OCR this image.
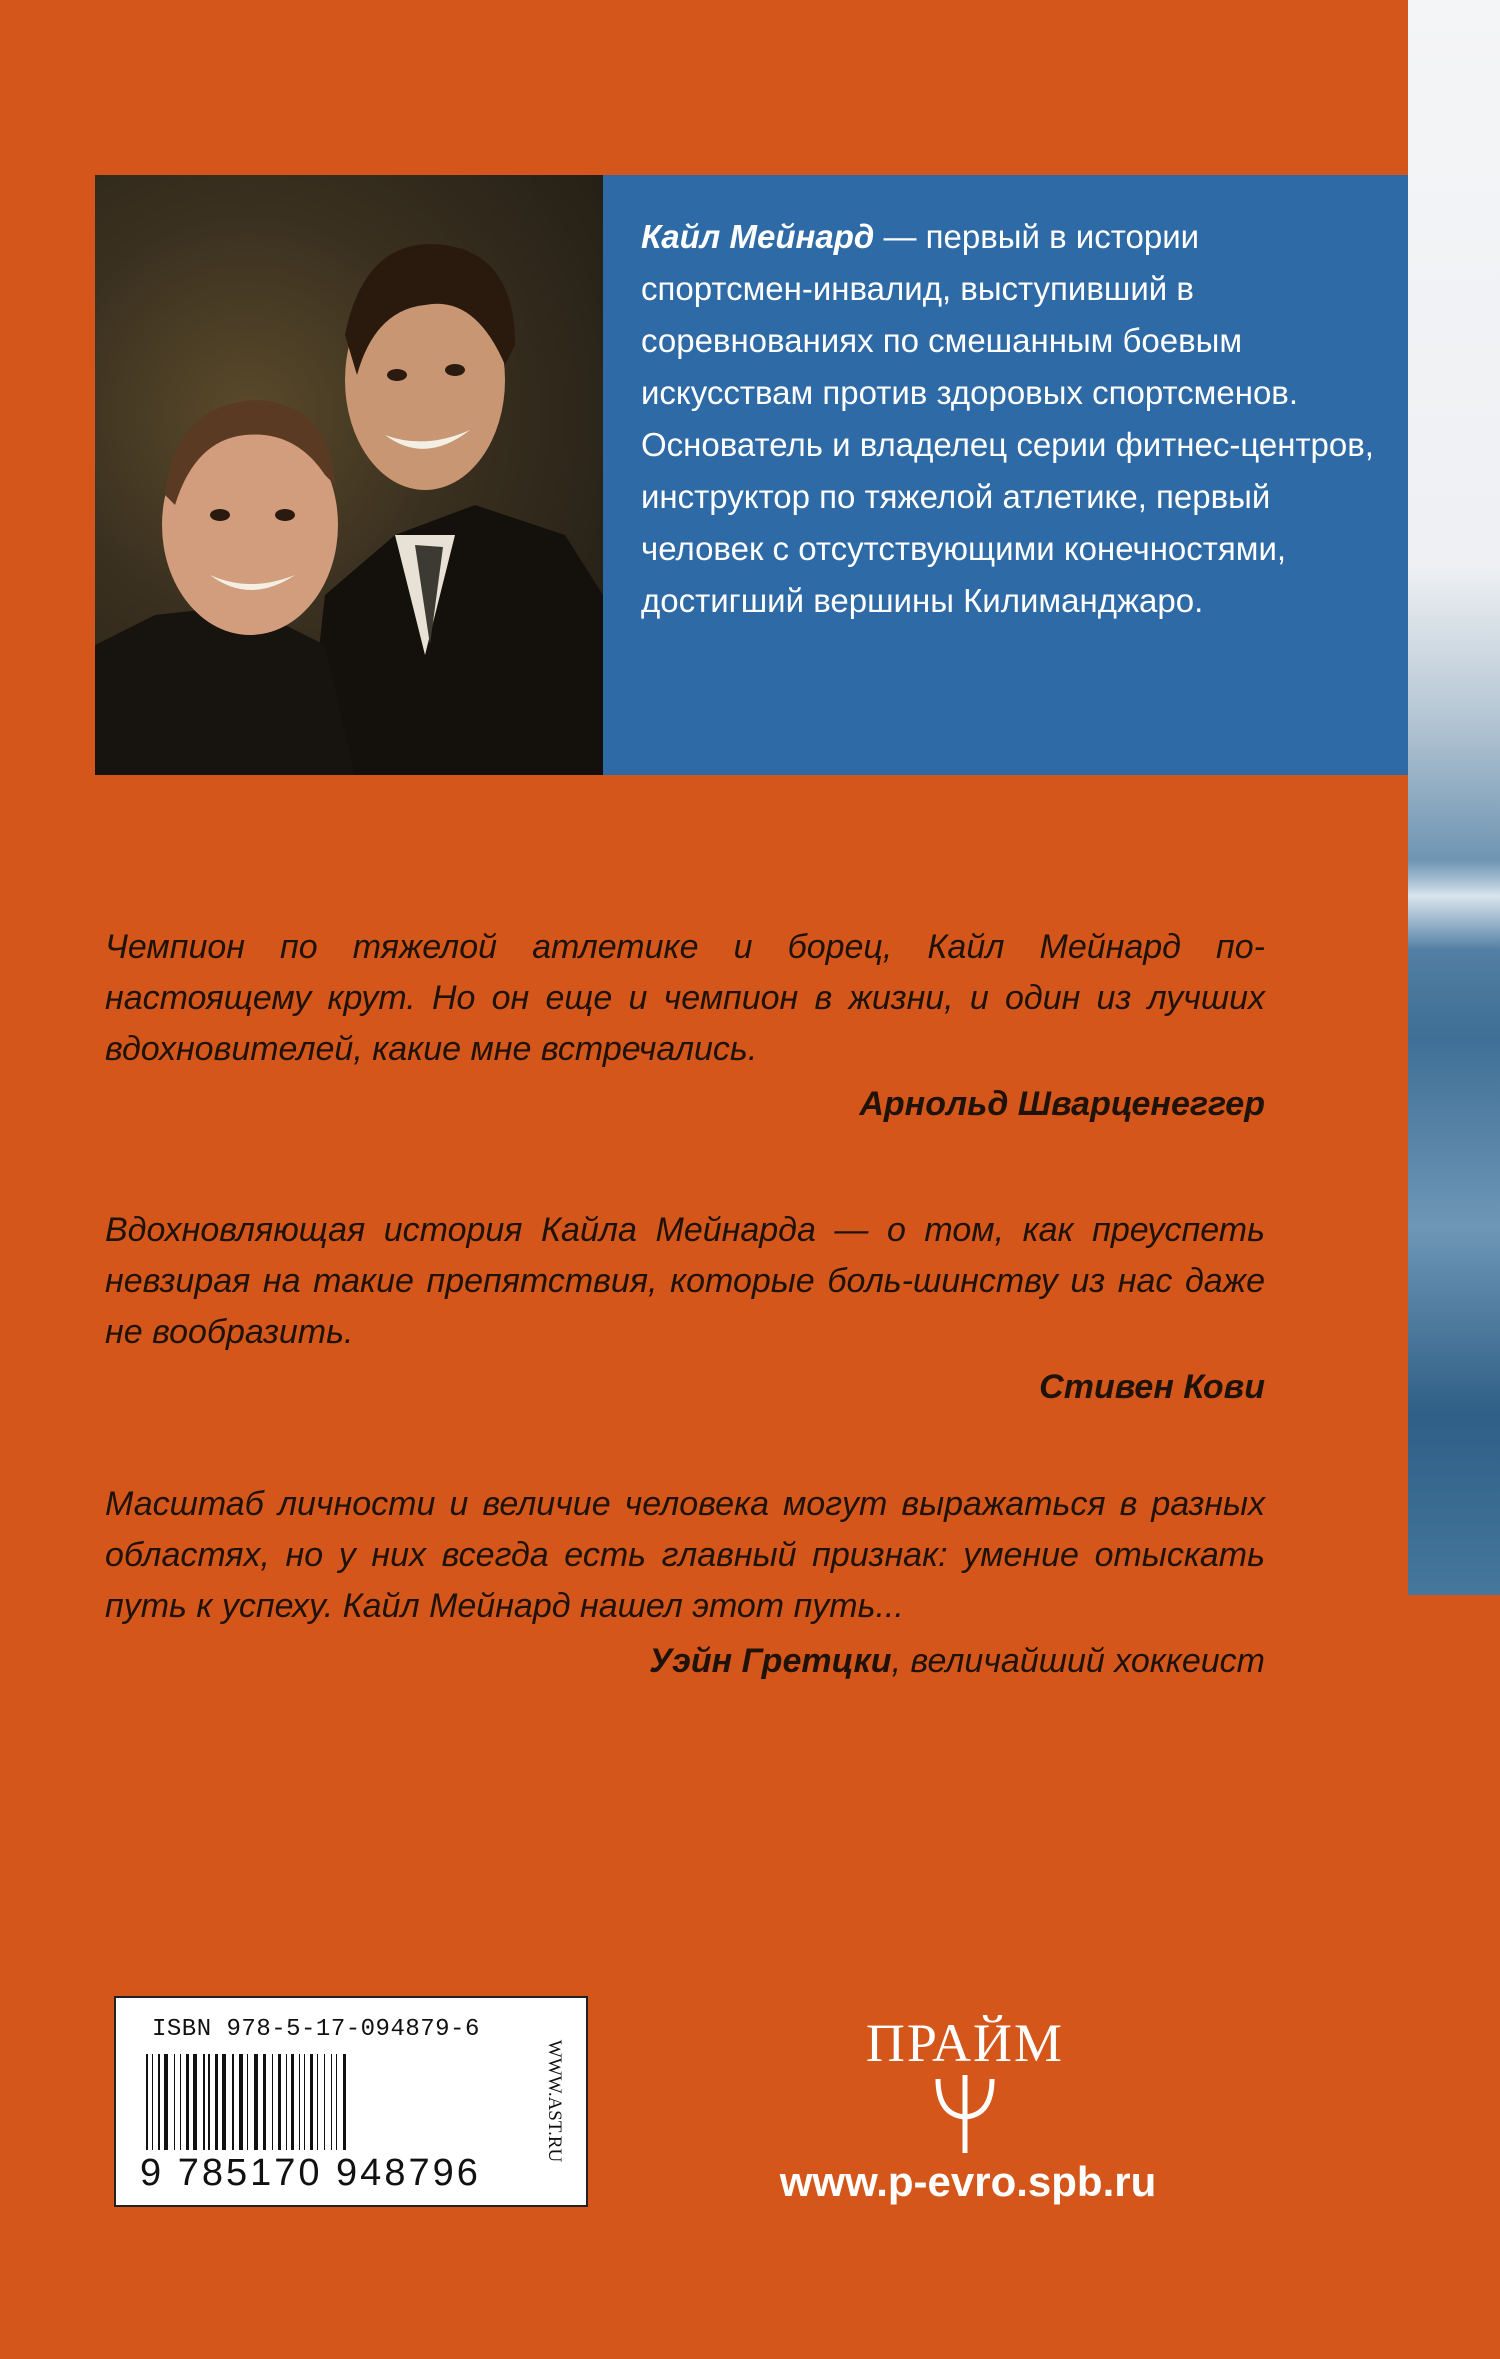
Кайл Мейнард — первый в истории спортсмен-инвалид, выступивший в соревнованиях по смешанным боевым искусствам против здоровых спортсменов. Основатель и владелец серии фитнес-центров, инструктор по тяжелой атлетике, первый человек с отсутствующими конечностями, достигший вершины Килиманджаро.

Чемпион по тяжелой атлетике и борец, Кайл Мейнард по-настоящему крут. Но он еще и чемпион в жизни, и один из лучших вдохновителей, какие мне встречались.

Арнольд Шварценеггер

Вдохновляющая история Кайла Мейнарда — о том, как преуспеть невзирая на такие препятствия, которые боль-шинству из нас даже не вообразить.

Стивен Кови

Масштаб личности и величие человека могут выражаться в разных областях, но у них всегда есть главный признак: умение отыскать путь к успеху. Кайл Мейнард нашел этот путь...

Уэйн Гретцки, величайший хоккеист

ISBN 978-5-17-094879-6
9 785170 948796
WWW.AST.RU	ПРАЙМ
www.p-evro.spb.ru
